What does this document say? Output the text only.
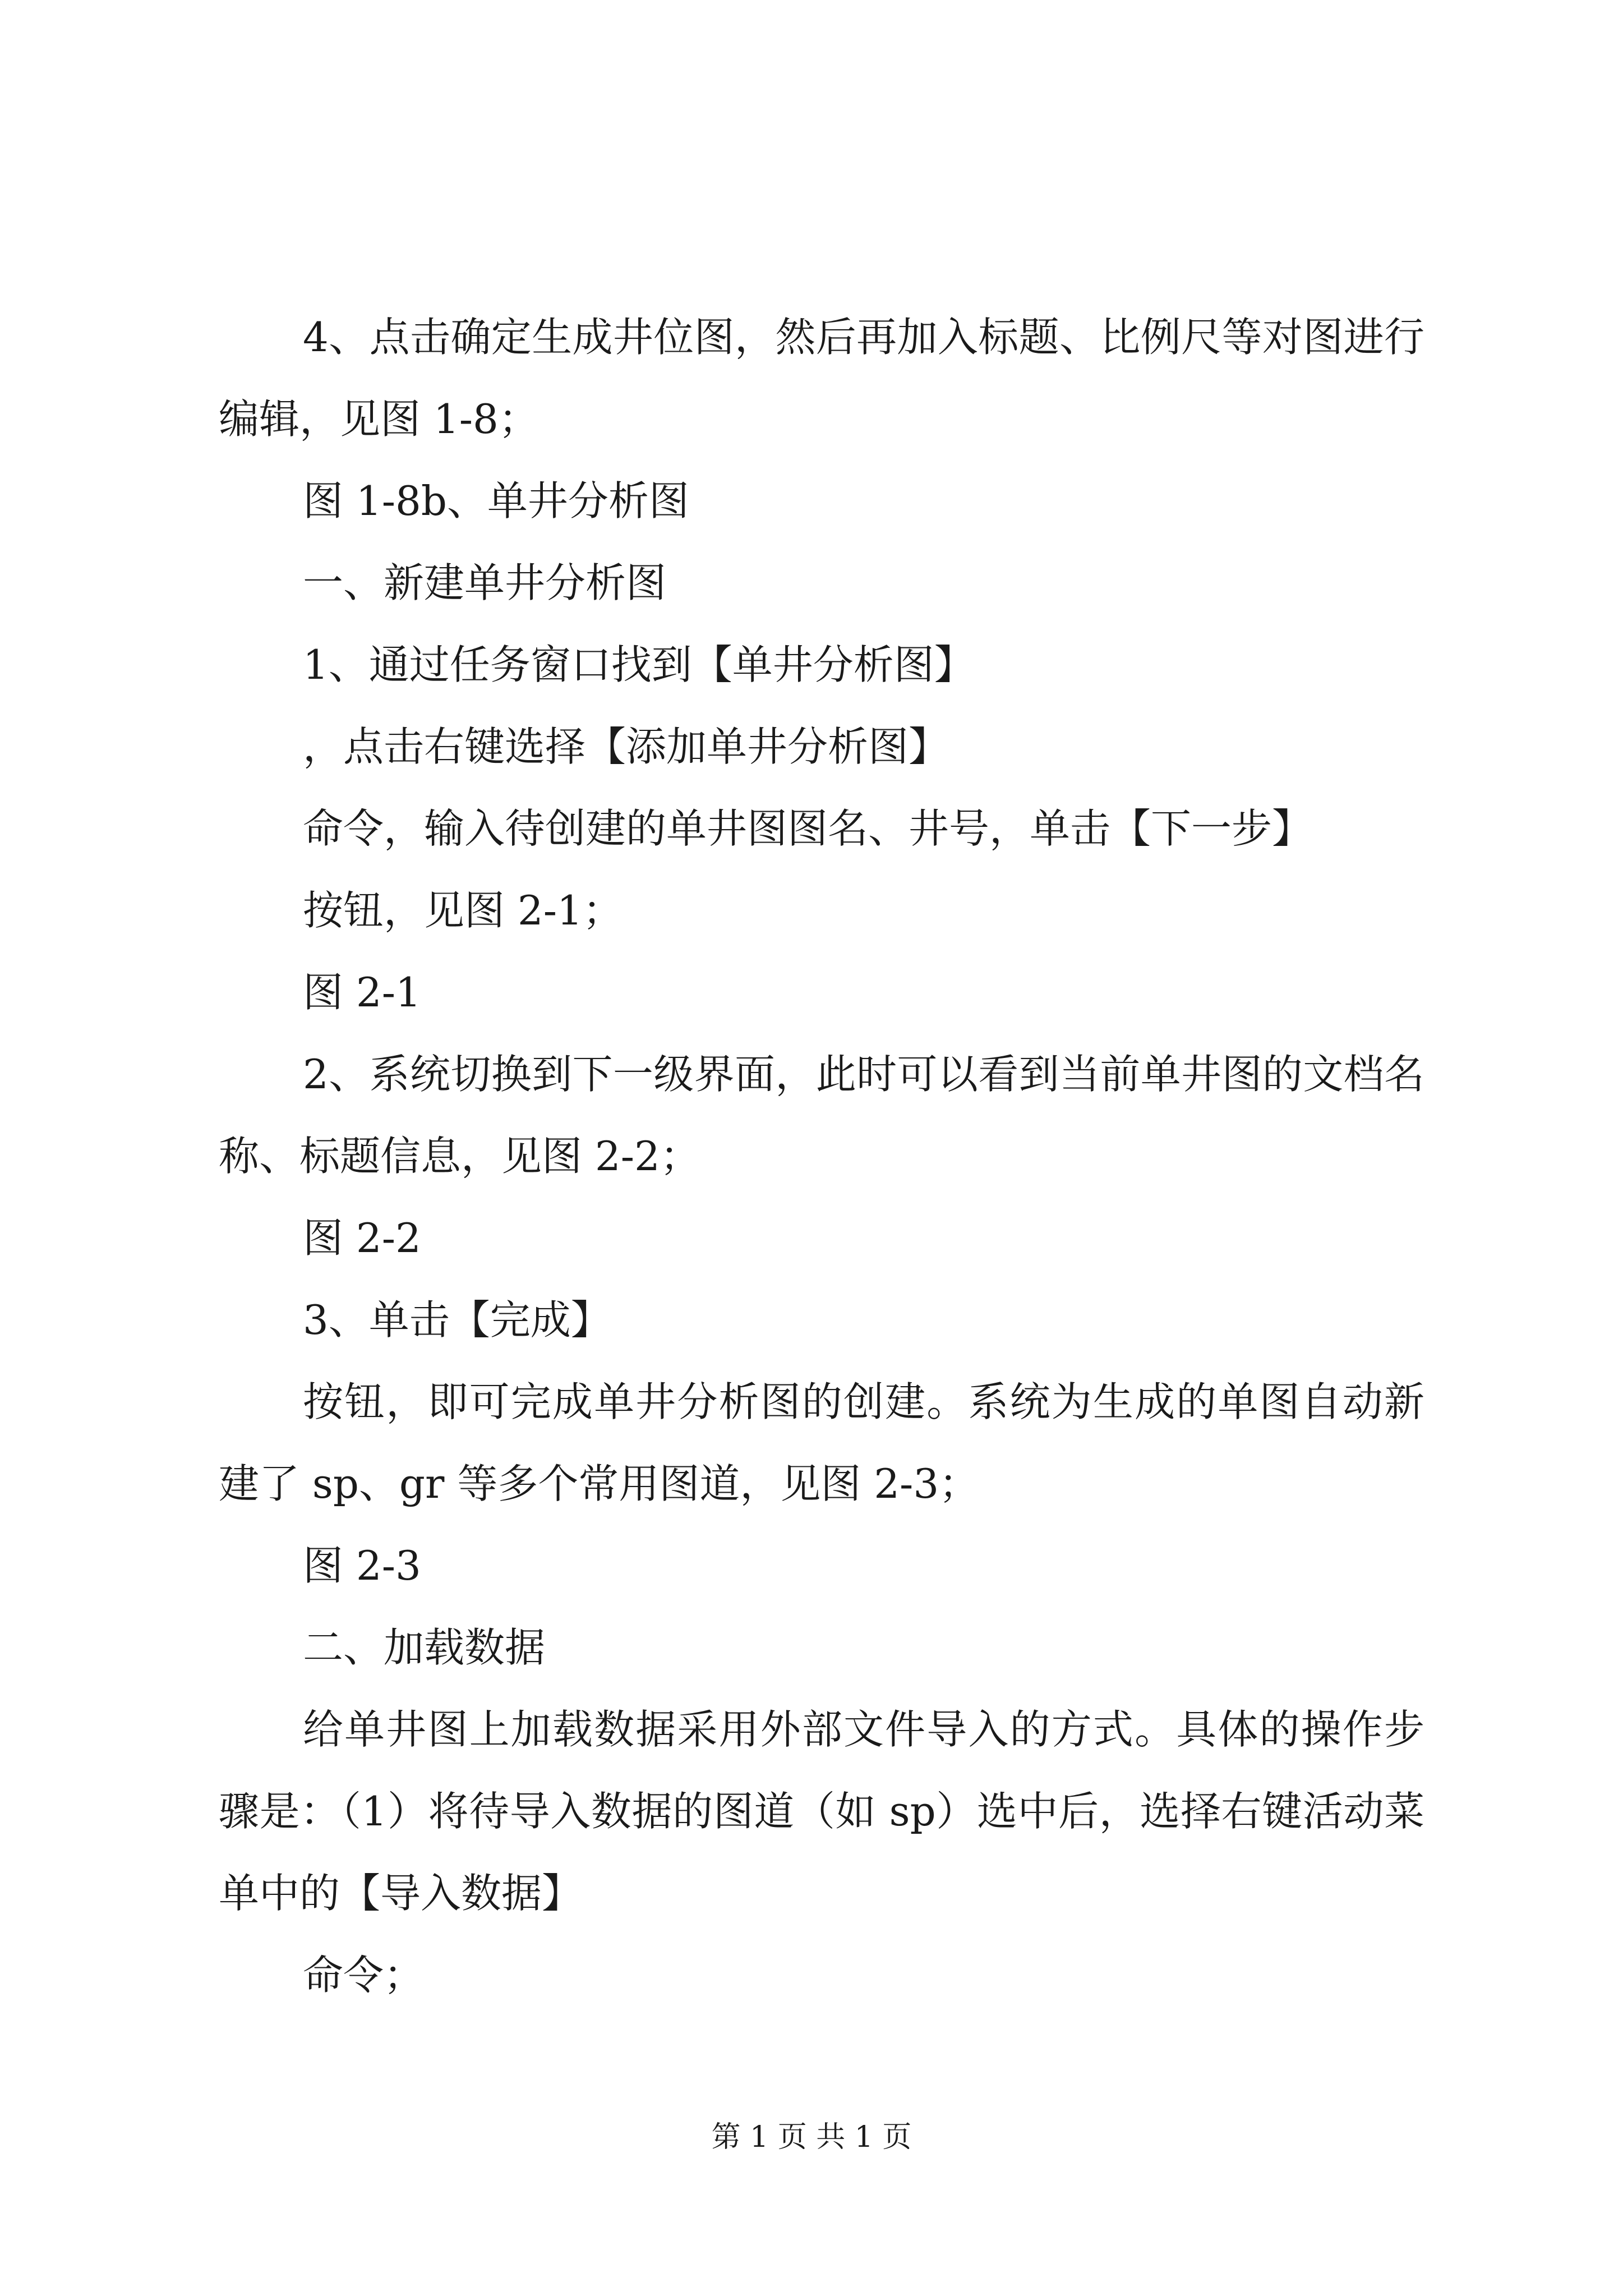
4、点击确定生成井位图，然后再加入标题、比例尺等对图进行编辑，见图 1-8；

图 1-8b、单井分析图

一、新建单井分析图

1、通过任务窗口找到【单井分析图】

，点击右键选择【添加单井分析图】

命令，输入待创建的单井图图名、井号，单击【下一步】

按钮，见图 2-1；

图 2-1

2、系统切换到下一级界面，此时可以看到当前单井图的文档名称、标题信息，见图 2-2；

图 2-2

3、单击【完成】

按钮，即可完成单井分析图的创建。系统为生成的单图自动新建了 sp、gr 等多个常用图道，见图 2-3；

图 2-3

二、加载数据

给单井图上加载数据采用外部文件导入的方式。具体的操作步骤是：（1）将待导入数据的图道（如 sp）选中后，选择右键活动菜单中的【导入数据】

命令；

第 1 页 共 1 页
